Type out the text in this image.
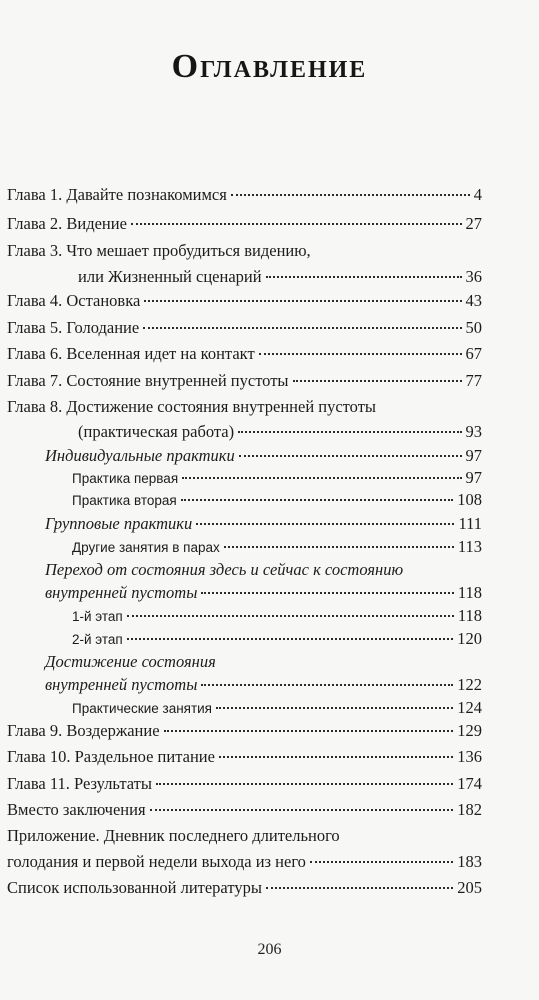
Оглавление
Глава 1. Давайте познакомимся	4
Глава 2. Видение	27
Глава 3. Что мешает пробудиться видению,
или Жизненный сценарий	36
Глава 4. Остановка	43
Глава 5. Голодание	50
Глава 6. Вселенная идет на контакт	67
Глава 7. Состояние внутренней пустоты	77
Глава 8. Достижение состояния внутренней пустоты
(практическая работа)	93
Индивидуальные практики	97
Практика первая	97
Практика вторая	108
Групповые практики	111
Другие занятия в парах	113
Переход от состояния здесь и сейчас к состоянию
внутренней пустоты	118
1-й этап	118
2-й этап	120
Достижение состояния
внутренней пустоты	122
Практические занятия	124
Глава 9. Воздержание	129
Глава 10. Раздельное питание	136
Глава 11. Результаты	174
Вместо заключения	182
Приложение. Дневник последнего длительного
голодания и первой недели выхода из него	183
Список использованной литературы	205
206
